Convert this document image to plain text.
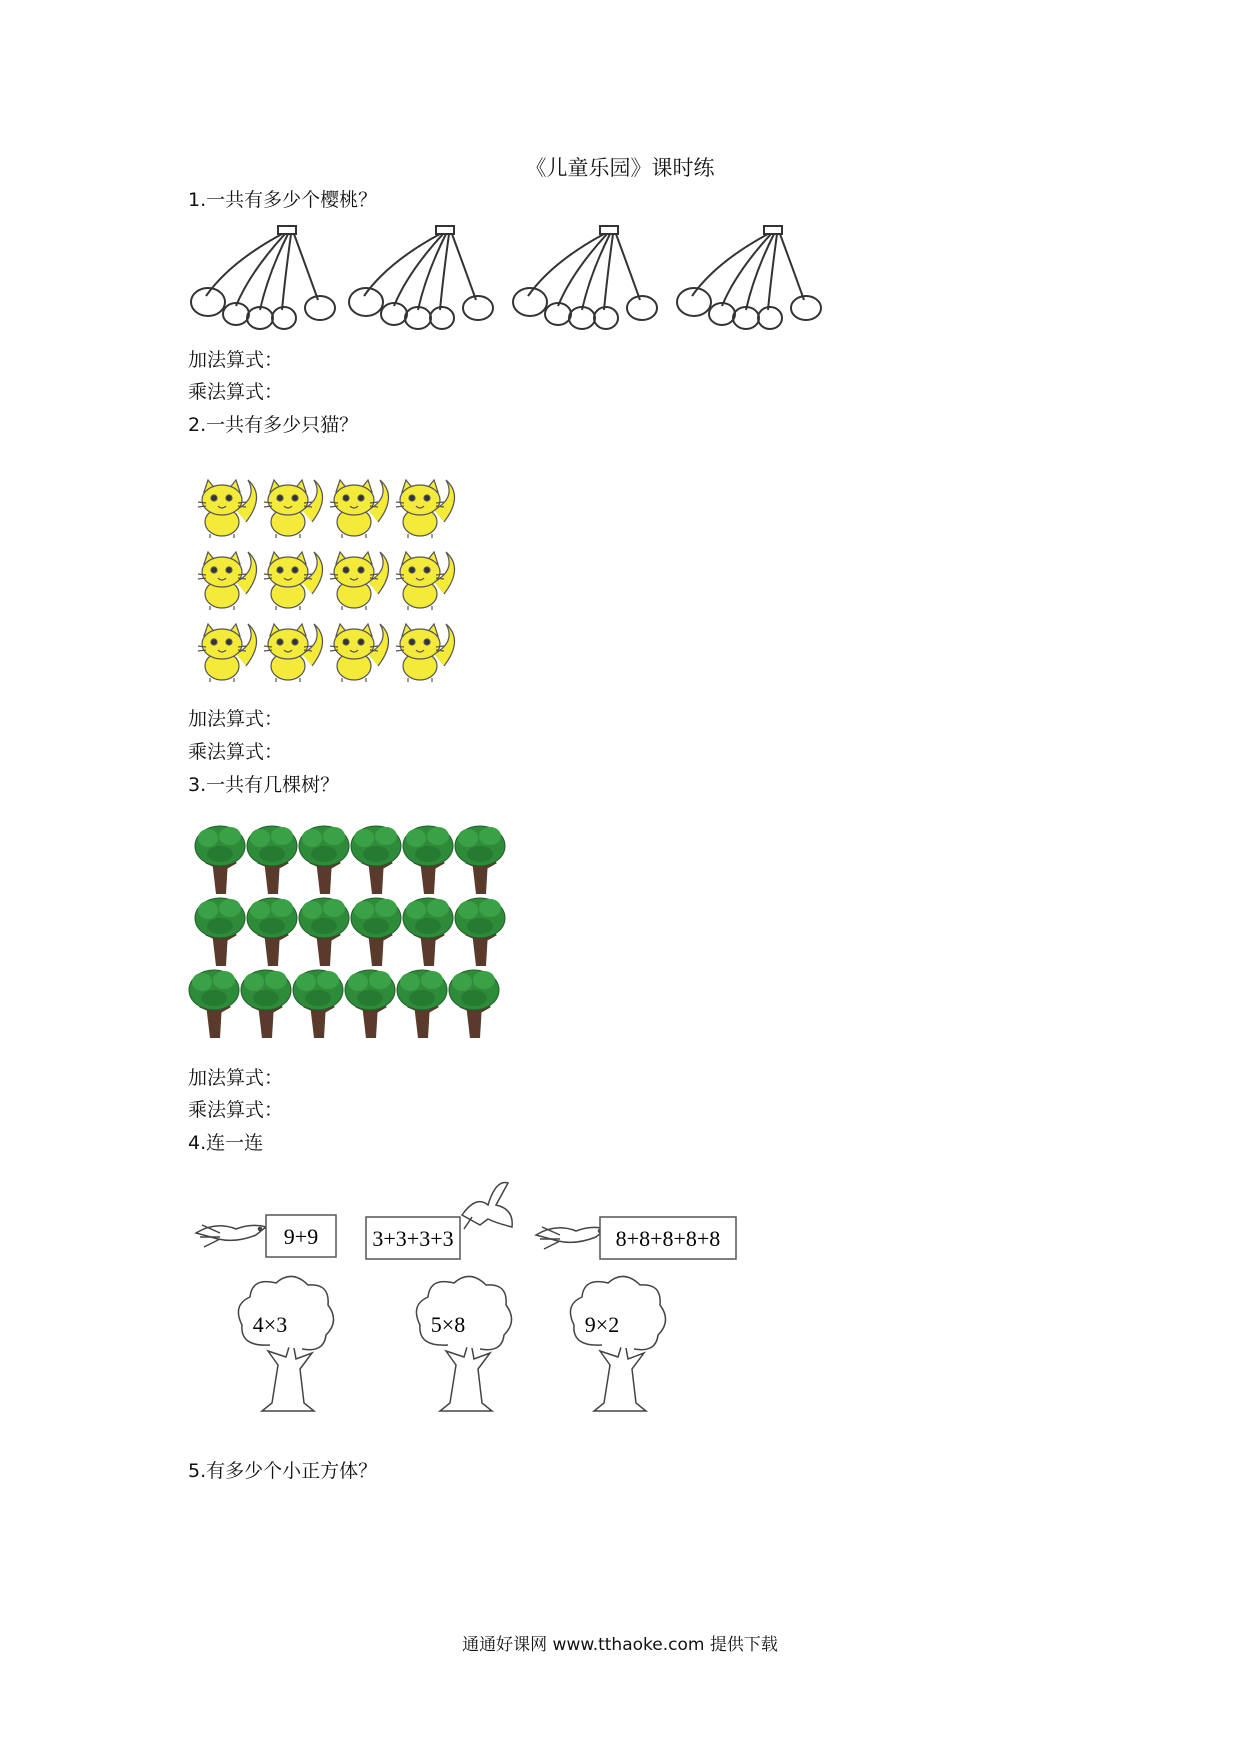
《儿童乐园》课时练
1.一共有多少个樱桃？
加法算式：
乘法算式：
2.一共有多少只猫？
加法算式：
乘法算式：
3.一共有几棵树？
加法算式：
乘法算式：
4.连一连
9+9 3+3+3+3	8+8+8+8+8
4×3	5×8	9×2
5.有多少个小正方体？
通通好课网 www.tthaoke.com 提供下载
